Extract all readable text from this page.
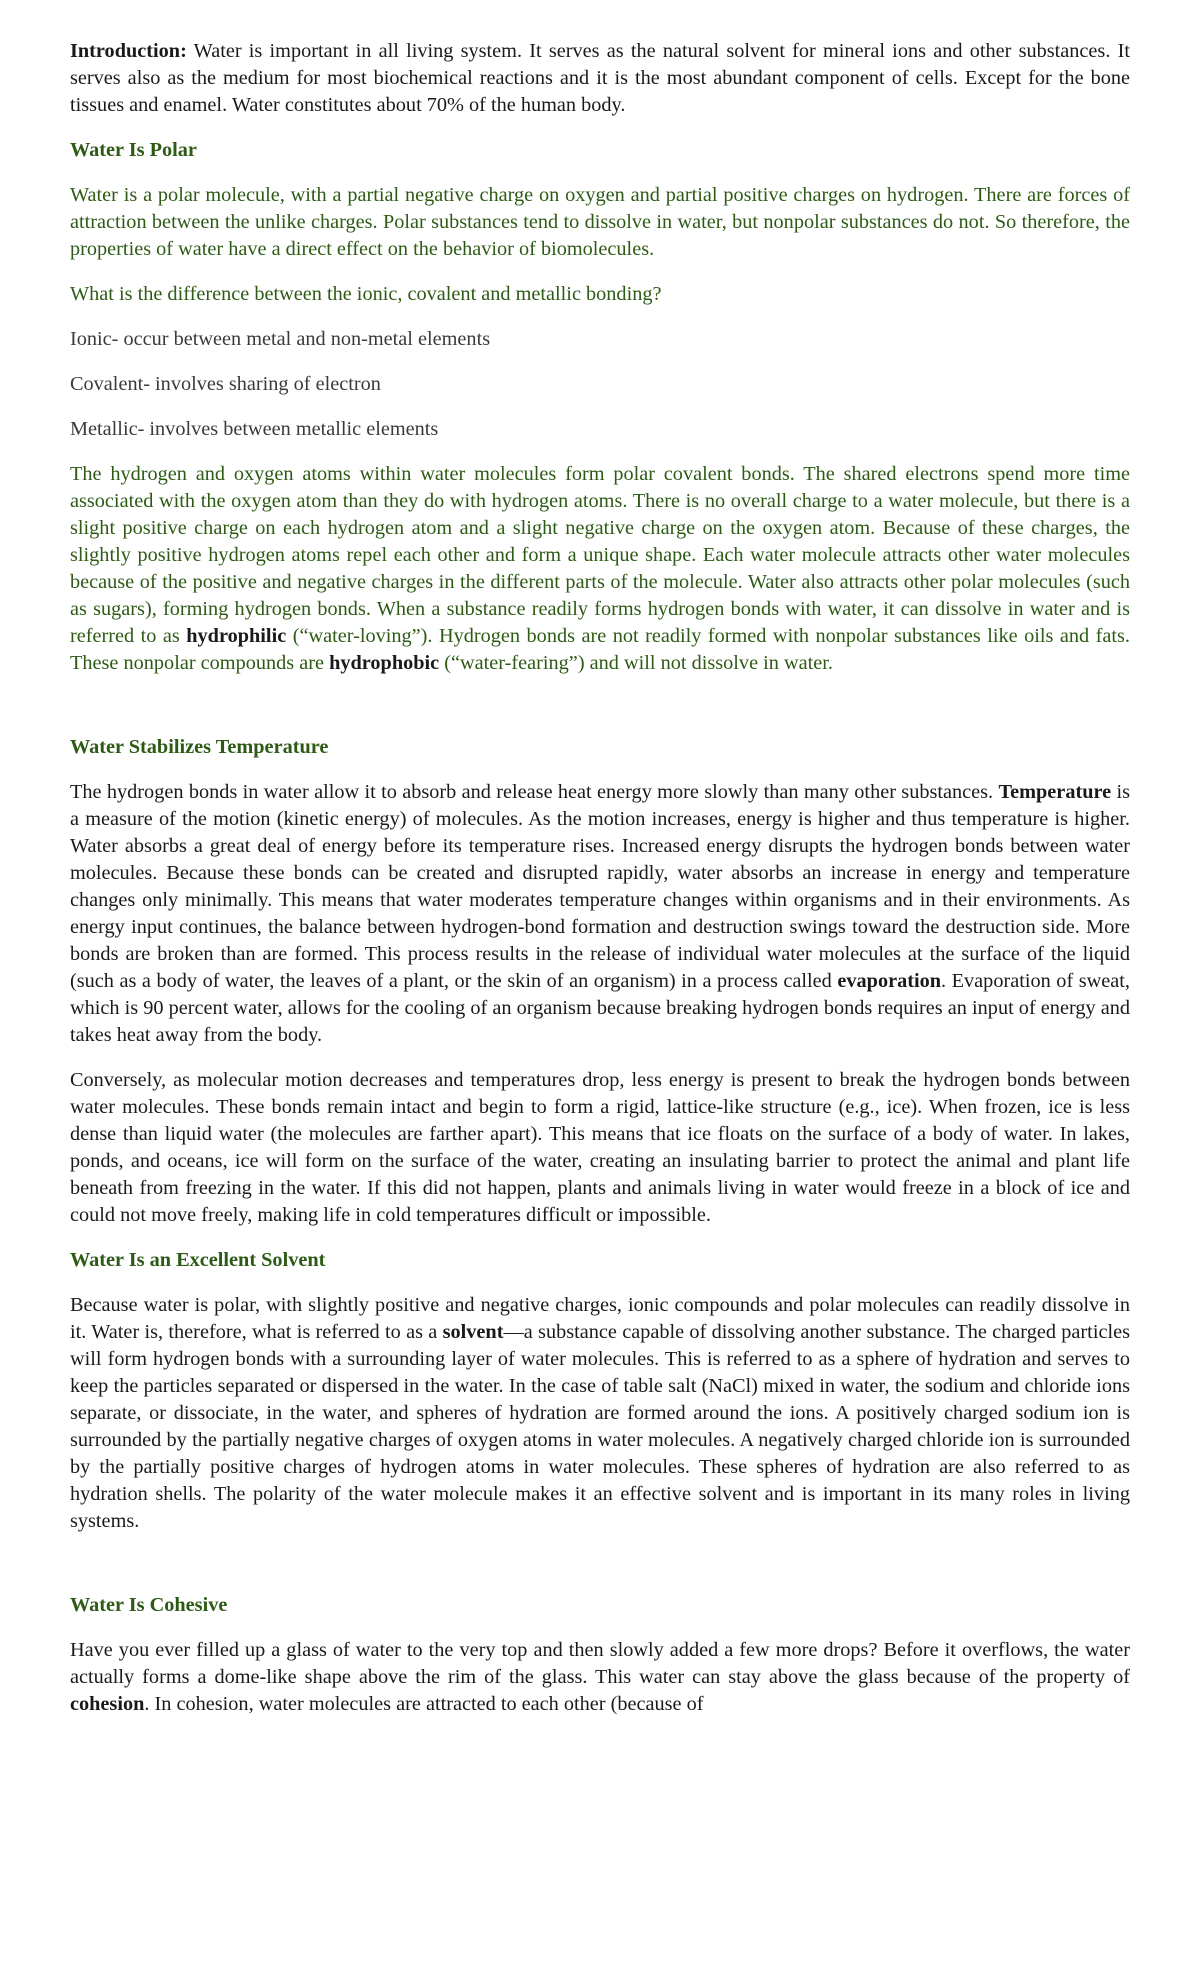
Introduction: Water is important in all living system. It serves as the natural solvent for mineral ions and other substances. It serves also as the medium for most biochemical reactions and it is the most abundant component of cells. Except for the bone tissues and enamel. Water constitutes about 70% of the human body.

Water Is Polar

Water is a polar molecule, with a partial negative charge on oxygen and partial positive charges on hydrogen. There are forces of attraction between the unlike charges. Polar substances tend to dissolve in water, but nonpolar substances do not. So therefore, the properties of water have a direct effect on the behavior of biomolecules.

What is the difference between the ionic, covalent and metallic bonding?

Ionic- occur between metal and non-metal elements

Covalent- involves sharing of electron

Metallic- involves between metallic elements

The hydrogen and oxygen atoms within water molecules form polar covalent bonds. The shared electrons spend more time associated with the oxygen atom than they do with hydrogen atoms. There is no overall charge to a water molecule, but there is a slight positive charge on each hydrogen atom and a slight negative charge on the oxygen atom. Because of these charges, the slightly positive hydrogen atoms repel each other and form a unique shape. Each water molecule attracts other water molecules because of the positive and negative charges in the different parts of the molecule. Water also attracts other polar molecules (such as sugars), forming hydrogen bonds. When a substance readily forms hydrogen bonds with water, it can dissolve in water and is referred to as hydrophilic (“water-loving”). Hydrogen bonds are not readily formed with nonpolar substances like oils and fats. These nonpolar compounds are hydrophobic (“water-fearing”) and will not dissolve in water.

Water Stabilizes Temperature

The hydrogen bonds in water allow it to absorb and release heat energy more slowly than many other substances. Temperature is a measure of the motion (kinetic energy) of molecules. As the motion increases, energy is higher and thus temperature is higher. Water absorbs a great deal of energy before its temperature rises. Increased energy disrupts the hydrogen bonds between water molecules. Because these bonds can be created and disrupted rapidly, water absorbs an increase in energy and temperature changes only minimally. This means that water moderates temperature changes within organisms and in their environments. As energy input continues, the balance between hydrogen-bond formation and destruction swings toward the destruction side. More bonds are broken than are formed. This process results in the release of individual water molecules at the surface of the liquid (such as a body of water, the leaves of a plant, or the skin of an organism) in a process called evaporation. Evaporation of sweat, which is 90 percent water, allows for the cooling of an organism because breaking hydrogen bonds requires an input of energy and takes heat away from the body.

Conversely, as molecular motion decreases and temperatures drop, less energy is present to break the hydrogen bonds between water molecules. These bonds remain intact and begin to form a rigid, lattice-like structure (e.g., ice). When frozen, ice is less dense than liquid water (the molecules are farther apart). This means that ice floats on the surface of a body of water. In lakes, ponds, and oceans, ice will form on the surface of the water, creating an insulating barrier to protect the animal and plant life beneath from freezing in the water. If this did not happen, plants and animals living in water would freeze in a block of ice and could not move freely, making life in cold temperatures difficult or impossible.

Water Is an Excellent Solvent

Because water is polar, with slightly positive and negative charges, ionic compounds and polar molecules can readily dissolve in it. Water is, therefore, what is referred to as a solvent—a substance capable of dissolving another substance. The charged particles will form hydrogen bonds with a surrounding layer of water molecules. This is referred to as a sphere of hydration and serves to keep the particles separated or dispersed in the water. In the case of table salt (NaCl) mixed in water, the sodium and chloride ions separate, or dissociate, in the water, and spheres of hydration are formed around the ions. A positively charged sodium ion is surrounded by the partially negative charges of oxygen atoms in water molecules. A negatively charged chloride ion is surrounded by the partially positive charges of hydrogen atoms in water molecules. These spheres of hydration are also referred to as hydration shells. The polarity of the water molecule makes it an effective solvent and is important in its many roles in living systems.

Water Is Cohesive

Have you ever filled up a glass of water to the very top and then slowly added a few more drops? Before it overflows, the water actually forms a dome-like shape above the rim of the glass. This water can stay above the glass because of the property of cohesion. In cohesion, water molecules are attracted to each other (because of
